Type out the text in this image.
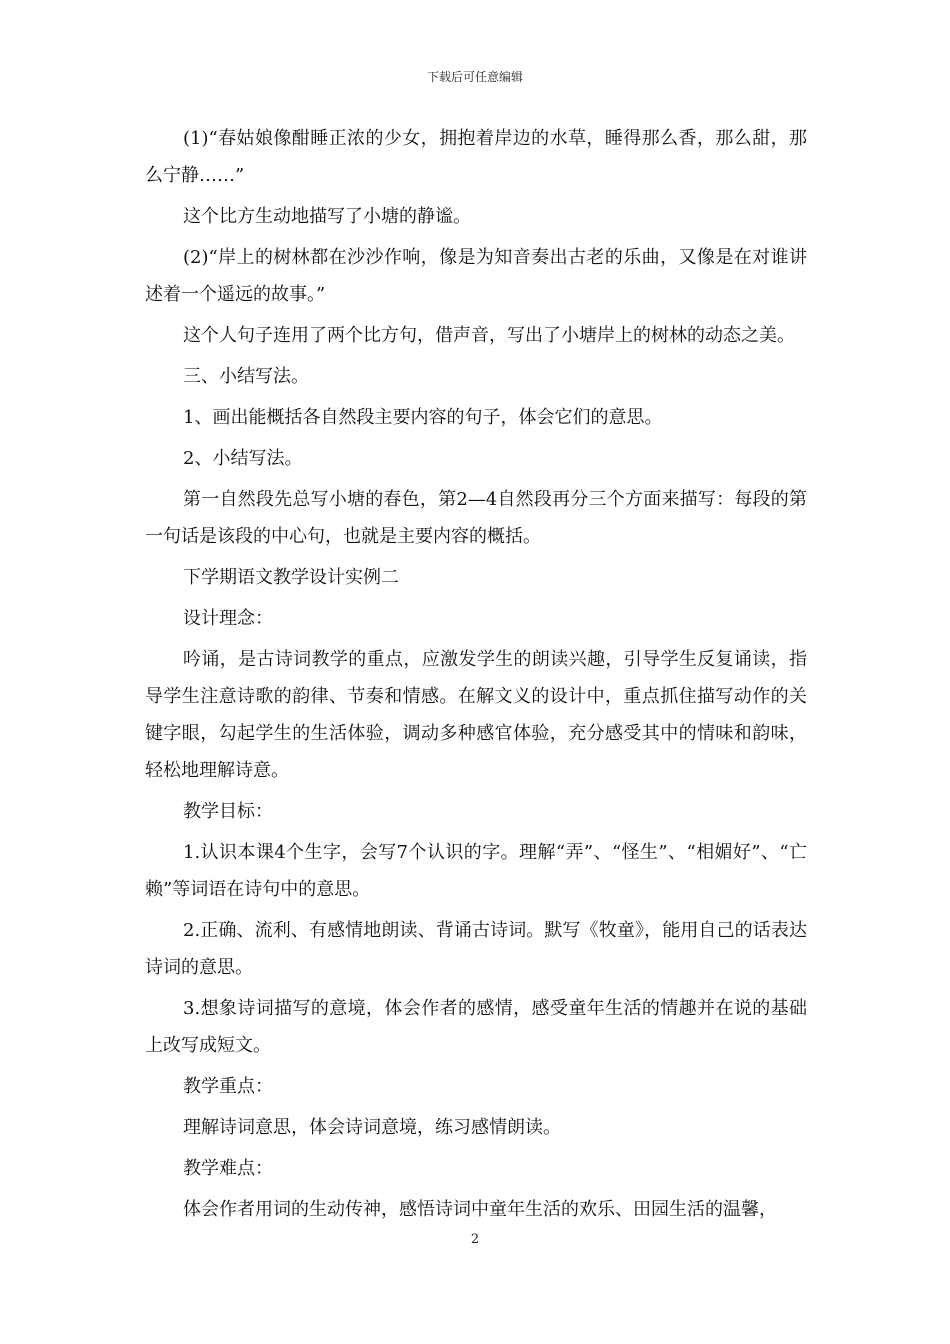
下载后可任意编辑

(1)“春姑娘像酣睡正浓的少女，拥抱着岸边的水草，睡得那么香，那么甜，那么宁静……”

这个比方生动地描写了小塘的静谧。

(2)“岸上的树林都在沙沙作响，像是为知音奏出古老的乐曲，又像是在对谁讲述着一个遥远的故事。”

这个人句子连用了两个比方句，借声音，写出了小塘岸上的树林的动态之美。

三、小结写法。

1、画出能概括各自然段主要内容的句子，体会它们的意思。

2、小结写法。

第一自然段先总写小塘的春色，第2—4自然段再分三个方面来描写：每段的第一句话是该段的中心句，也就是主要内容的概括。

下学期语文教学设计实例二

设计理念：

吟诵，是古诗词教学的重点，应激发学生的朗读兴趣，引导学生反复诵读，指导学生注意诗歌的韵律、节奏和情感。在解文义的设计中，重点抓住描写动作的关键字眼，勾起学生的生活体验，调动多种感官体验，充分感受其中的情味和韵味，轻松地理解诗意。

教学目标：

1.认识本课4个生字，会写7个认识的字。理解“弄”、“怪生”、“相媚好”、“亡赖”等词语在诗句中的意思。

2.正确、流利、有感情地朗读、背诵古诗词。默写《牧童》，能用自己的话表达诗词的意思。

3.想象诗词描写的意境，体会作者的感情，感受童年生活的情趣并在说的基础上改写成短文。

教学重点：

理解诗词意思，体会诗词意境，练习感情朗读。

教学难点：

体会作者用词的生动传神，感悟诗词中童年生活的欢乐、田园生活的温馨，

2
